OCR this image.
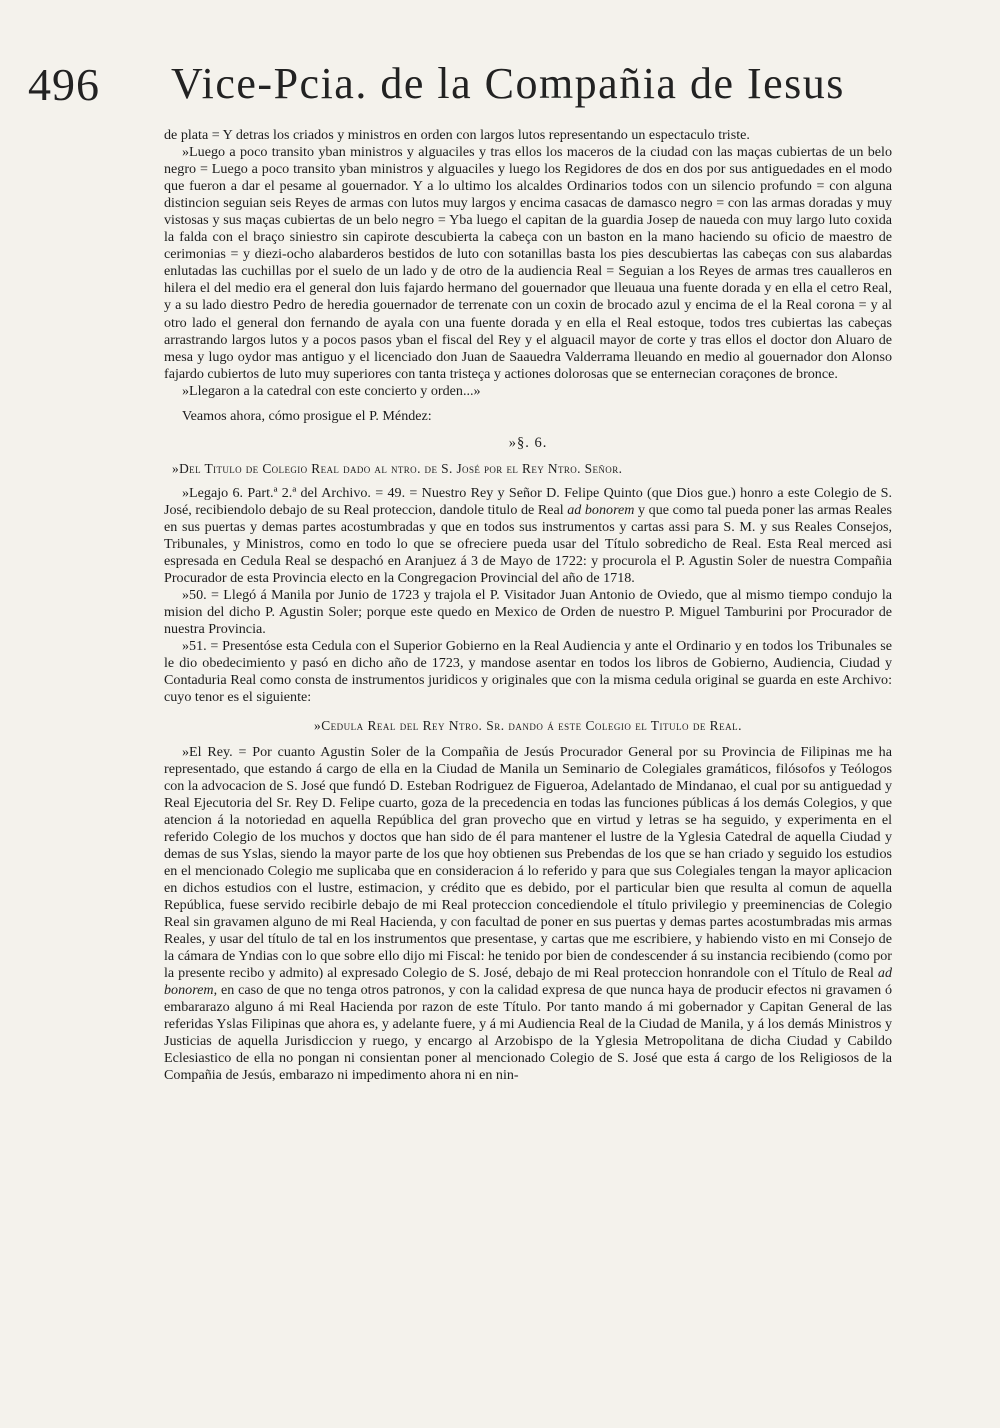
496 Vice-Pcia. de la Compañia de Iesus

de plata = Y detras los criados y ministros en orden con largos lutos representando un espectaculo triste.

»Luego a poco transito yban ministros y alguaciles y tras ellos los maceros de la ciudad con las maças cubiertas de un belo negro = Luego a poco transito yban ministros y alguaciles y luego los Regidores de dos en dos por sus antiguedades en el modo que fueron a dar el pesame al gouernador. Y a lo ultimo los alcaldes Ordinarios todos con un silencio profundo = con alguna distincion seguian seis Reyes de armas con lutos muy largos y encima casacas de damasco negro = con las armas doradas y muy vistosas y sus maças cubiertas de un belo negro = Yba luego el capitan de la guardia Josep de naueda con muy largo luto coxida la falda con el braço siniestro sin capirote descubierta la cabeça con un baston en la mano haciendo su oficio de maestro de cerimonias = y diezi-ocho alabarderos bestidos de luto con sotanillas basta los pies descubiertas las cabeças con sus alabardas enlutadas las cuchillas por el suelo de un lado y de otro de la audiencia Real = Seguian a los Reyes de armas tres caualleros en hilera el del medio era el general don luis fajardo hermano del gouernador que lleuaua una fuente dorada y en ella el cetro Real, y a su lado diestro Pedro de heredia gouernador de terrenate con un coxin de brocado azul y encima de el la Real corona = y al otro lado el general don fernando de ayala con una fuente dorada y en ella el Real estoque, todos tres cubiertas las cabeças arrastrando largos lutos y a pocos pasos yban el fiscal del Rey y el alguacil mayor de corte y tras ellos el doctor don Aluaro de mesa y lugo oydor mas antiguo y el licenciado don Juan de Saauedra Valderrama lleuando en medio al gouernador don Alonso fajardo cubiertos de luto muy superiores con tanta tristeça y actiones dolorosas que se enternecian coraçones de bronce.

»Llegaron a la catedral con este concierto y orden...»

Veamos ahora, cómo prosigue el P. Méndez:

»§. 6.

»Del Titulo de Colegio Real dado al ntro. de S. José por el Rey Ntro. Señor.

»Legajo 6. Part.ª 2.ª del Archivo. = 49. = Nuestro Rey y Señor D. Felipe Quinto (que Dios gue.) honro a este Colegio de S. José, recibiendolo debajo de su Real proteccion, dandole titulo de Real ad bonorem y que como tal pueda poner las armas Reales en sus puertas y demas partes acostumbradas y que en todos sus instrumentos y cartas assi para S. M. y sus Reales Consejos, Tribunales, y Ministros, como en todo lo que se ofreciere pueda usar del Título sobredicho de Real. Esta Real merced asi espresada en Cedula Real se despachó en Aranjuez á 3 de Mayo de 1722: y procurola el P. Agustin Soler de nuestra Compañia Procurador de esta Provincia electo en la Congregacion Provincial del año de 1718.

»50. = Llegó á Manila por Junio de 1723 y trajola el P. Visitador Juan Antonio de Oviedo, que al mismo tiempo condujo la mision del dicho P. Agustin Soler; porque este quedo en Mexico de Orden de nuestro P. Miguel Tamburini por Procurador de nuestra Provincia.

»51. = Presentóse esta Cedula con el Superior Gobierno en la Real Audiencia y ante el Ordinario y en todos los Tribunales se le dio obedecimiento y pasó en dicho año de 1723, y mandose asentar en todos los libros de Gobierno, Audiencia, Ciudad y Contaduria Real como consta de instrumentos juridicos y originales que con la misma cedula original se guarda en este Archivo: cuyo tenor es el siguiente:

»Cedula Real del Rey Ntro. Sr. dando á este Colegio el Titulo de Real.

»El Rey. = Por cuanto Agustin Soler de la Compañia de Jesús Procurador General por su Provincia de Filipinas me ha representado, que estando á cargo de ella en la Ciudad de Manila un Seminario de Colegiales gramáticos, filósofos y Teólogos con la advocacion de S. José que fundó D. Esteban Rodriguez de Figueroa, Adelantado de Mindanao, el cual por su antiguedad y Real Ejecutoria del Sr. Rey D. Felipe cuarto, goza de la precedencia en todas las funciones públicas á los demás Colegios, y que atencion á la notoriedad en aquella República del gran provecho que en virtud y letras se ha seguido, y experimenta en el referido Colegio de los muchos y doctos que han sido de él para mantener el lustre de la Yglesia Catedral de aquella Ciudad y demas de sus Yslas, siendo la mayor parte de los que hoy obtienen sus Prebendas de los que se han criado y seguido los estudios en el mencionado Colegio me suplicaba que en consideracion á lo referido y para que sus Colegiales tengan la mayor aplicacion en dichos estudios con el lustre, estimacion, y crédito que es debido, por el particular bien que resulta al comun de aquella República, fuese servido recibirle debajo de mi Real proteccion concediendole el título privilegio y preeminencias de Colegio Real sin gravamen alguno de mi Real Hacienda, y con facultad de poner en sus puertas y demas partes acostumbradas mis armas Reales, y usar del título de tal en los instrumentos que presentase, y cartas que me escribiere, y habiendo visto en mi Consejo de la cámara de Yndias con lo que sobre ello dijo mi Fiscal: he tenido por bien de condescender á su instancia recibiendo (como por la presente recibo y admito) al expresado Colegio de S. José, debajo de mi Real proteccion honrandole con el Título de Real ad bonorem, en caso de que no tenga otros patronos, y con la calidad expresa de que nunca haya de producir efectos ni gravamen ó embararazo alguno á mi Real Hacienda por razon de este Título. Por tanto mando á mi gobernador y Capitan General de las referidas Yslas Filipinas que ahora es, y adelante fuere, y á mi Audiencia Real de la Ciudad de Manila, y á los demás Ministros y Justicias de aquella Jurisdiccion y ruego, y encargo al Arzobispo de la Yglesia Metropolitana de dicha Ciudad y Cabildo Eclesiastico de ella no pongan ni consientan poner al mencionado Colegio de S. José que esta á cargo de los Religiosos de la Compañia de Jesús, embarazo ni impedimento ahora ni en nin-
